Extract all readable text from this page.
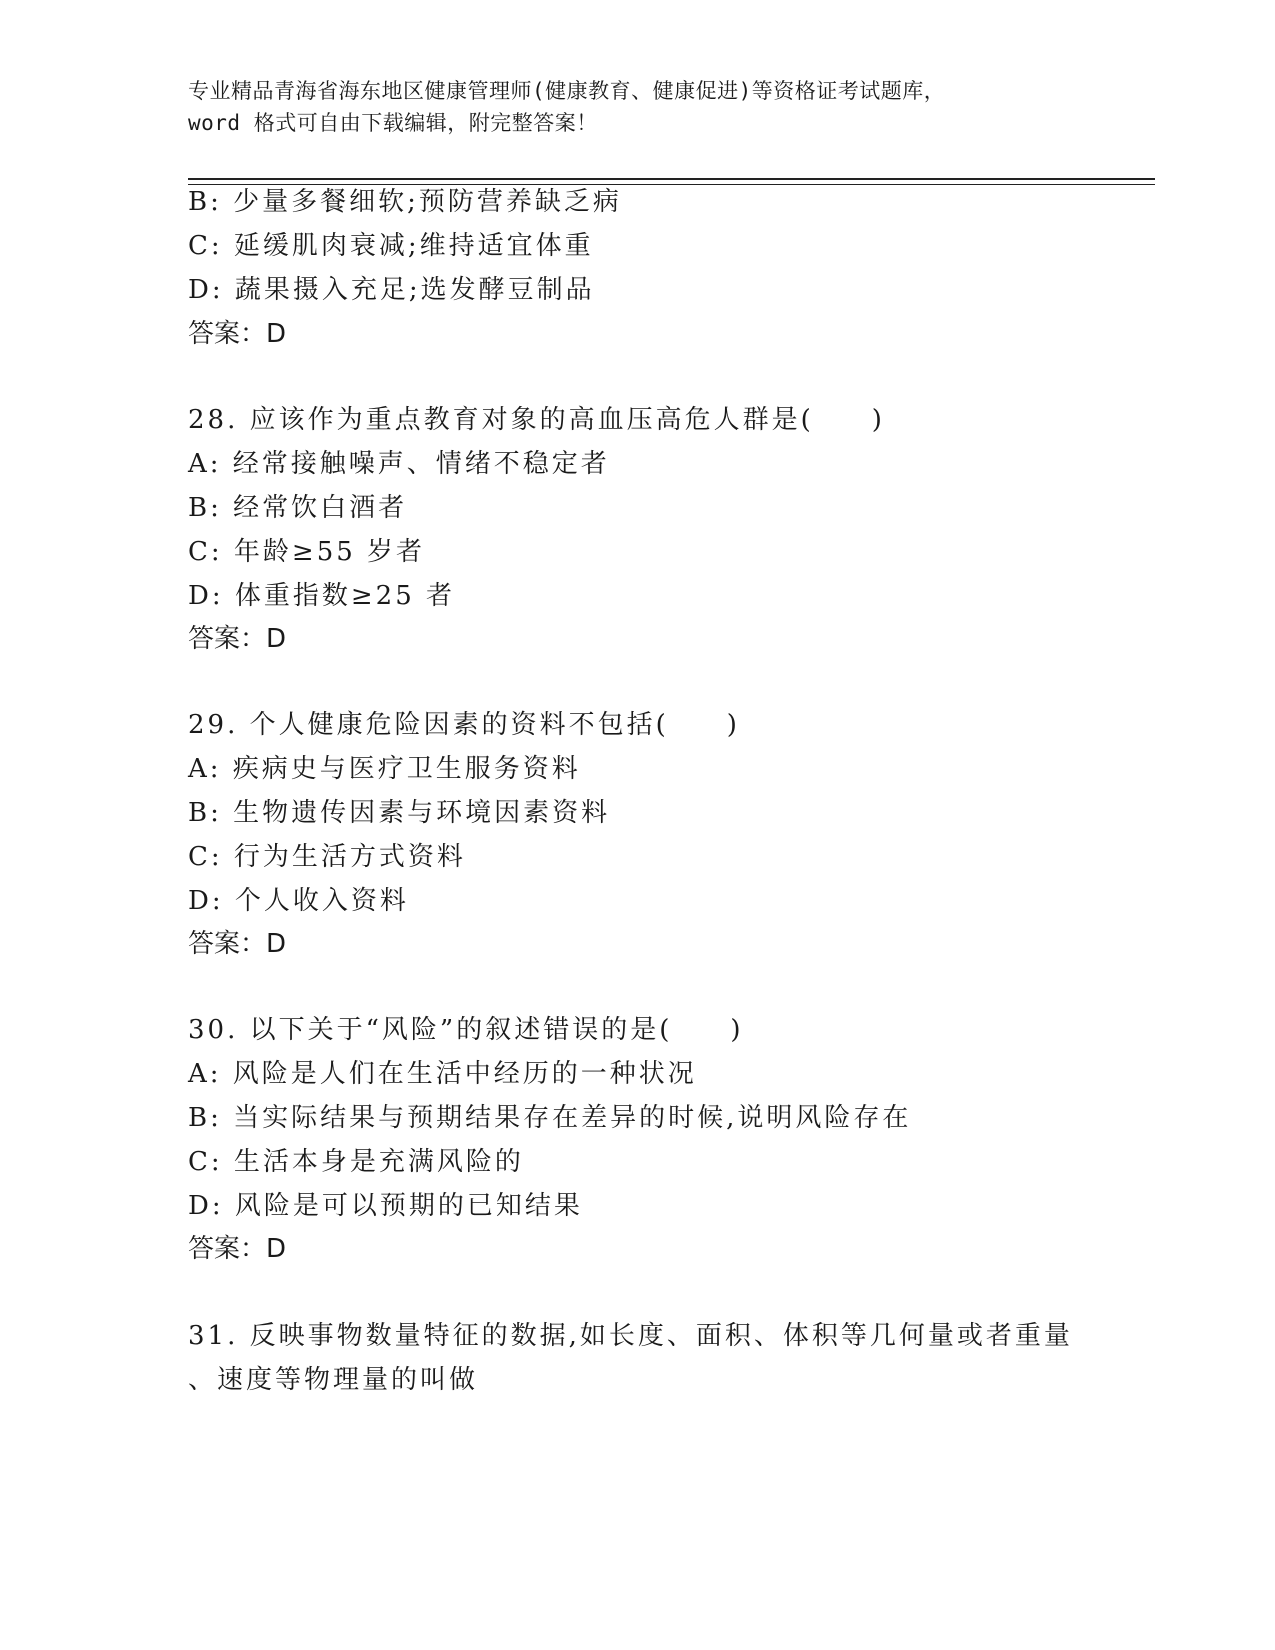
专业精品青海省海东地区健康管理师(健康教育、健康促进)等资格证考试题库，
word 格式可自由下载编辑，附完整答案！
B: 少量多餐细软;预防营养缺乏病
C: 延缓肌肉衰减;维持适宜体重
D: 蔬果摄入充足;选发酵豆制品
答案：D
28. 应该作为重点教育对象的高血压高危人群是(　　)
A: 经常接触噪声、情绪不稳定者
B: 经常饮白酒者
C: 年龄≥55 岁者
D: 体重指数≥25 者
答案：D
29. 个人健康危险因素的资料不包括(　　)
A: 疾病史与医疗卫生服务资料
B: 生物遗传因素与环境因素资料
C: 行为生活方式资料
D: 个人收入资料
答案：D
30. 以下关于“风险”的叙述错误的是(　　)
A: 风险是人们在生活中经历的一种状况
B: 当实际结果与预期结果存在差异的时候,说明风险存在
C: 生活本身是充满风险的
D: 风险是可以预期的已知结果
答案：D
31. 反映事物数量特征的数据,如长度、面积、体积等几何量或者重量
、速度等物理量的叫做
